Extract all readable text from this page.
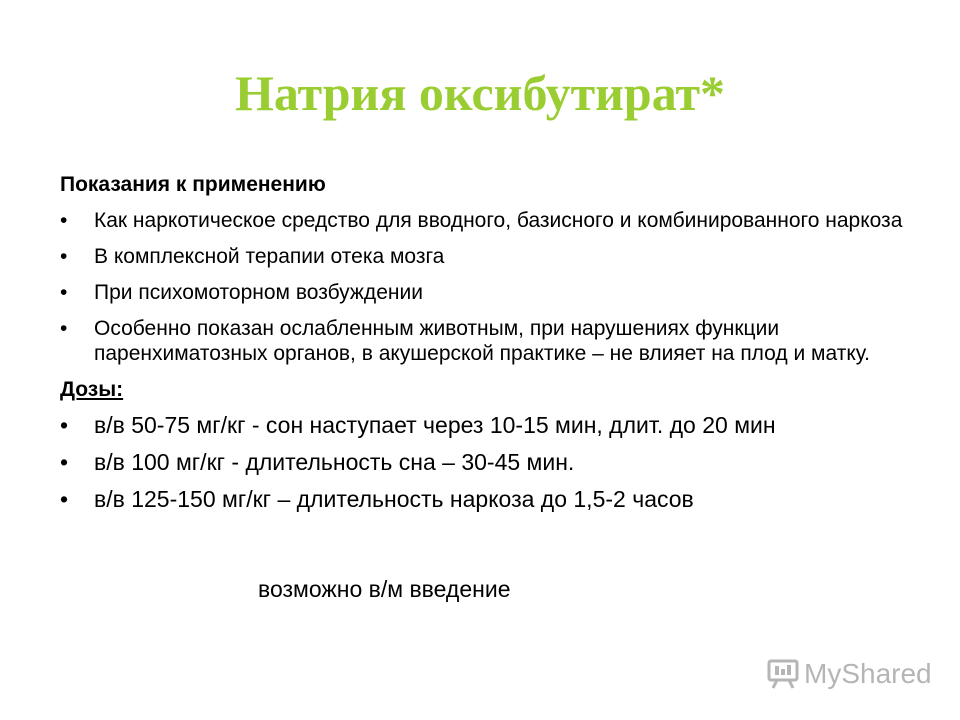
Натрия оксибутират*
Показания к применению
• Как наркотическое средство для вводного, базисного и комбинированного наркоза
• В комплексной терапии отека мозга
• При психомоторном возбуждении
• Особенно показан ослабленным животным, при нарушениях функции паренхиматозных органов, в акушерской практике – не влияет на плод и матку.
Дозы:
• в/в 50-75 мг/кг - сон наступает через 10-15 мин, длит. до 20 мин
• в/в 100 мг/кг - длительность сна – 30-45 мин.
• в/в 125-150 мг/кг – длительность наркоза до 1,5-2 часов
возможно в/м введение
MyShared
